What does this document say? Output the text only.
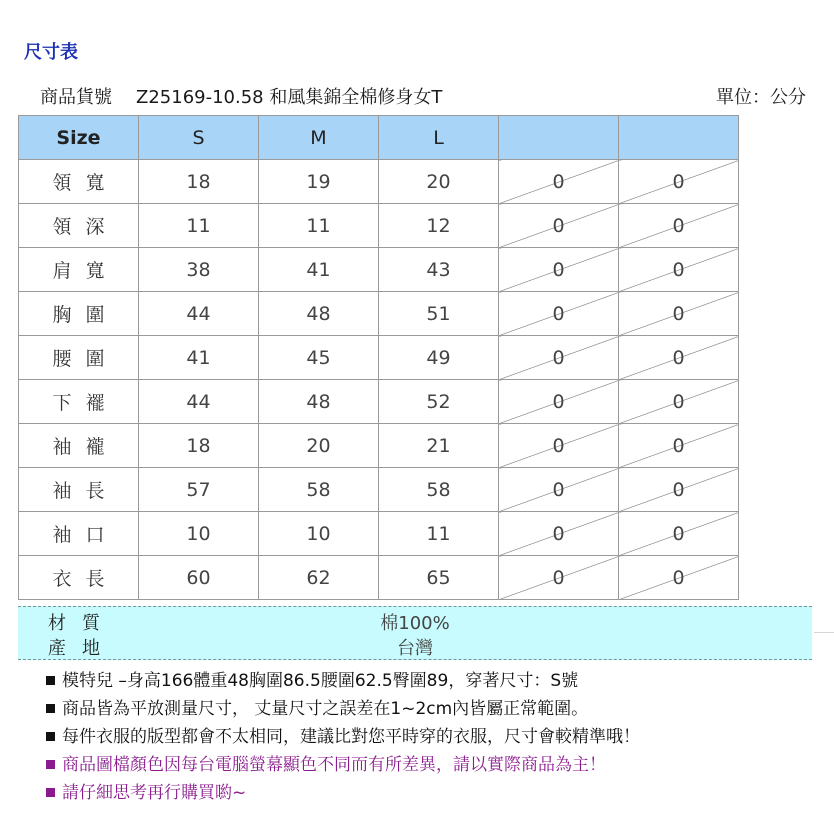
尺寸表
商品貨號 Z25169-10.58 和風集錦全棉修身女T	單位：公分
Size	S	M	L		
領寬	18	19	20	0	0
領深	11	11	12	0	0
肩寬	38	41	43	0	0
胸圍	44	48	51	0	0
腰圍	41	45	49	0	0
下襬	44	48	52	0	0
袖襱	18	20	21	0	0
袖長	57	58	58	0	0
袖口	10	10	11	0	0
衣長	60	62	65	0	0
材質	棉100%
產地	台灣
模特兒 –身高166體重48胸圍86.5腰圍62.5臀圍89，穿著尺寸：S號
商品皆為平放測量尺寸， 丈量尺寸之誤差在1~2cm內皆屬正常範圍。
每件衣服的版型都會不太相同，建議比對您平時穿的衣服，尺寸會較精準哦！
商品圖檔顏色因每台電腦螢幕顯色不同而有所差異，請以實際商品為主！
請仔細思考再行購買喲~
